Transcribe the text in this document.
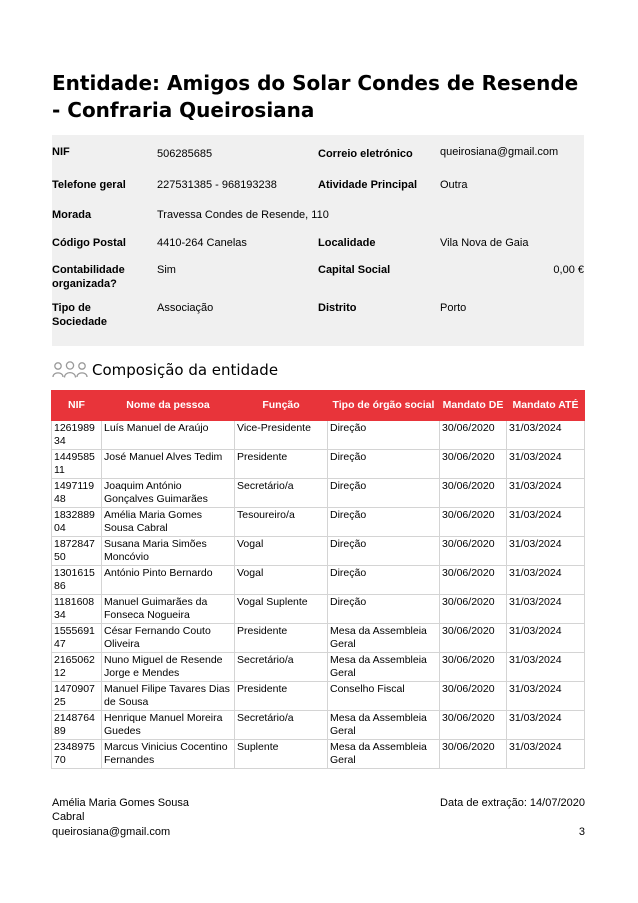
Entidade: Amigos do Solar Condes de Resende - Confraria Queirosiana
NIF	506285685	Correio eletrónico queirosiana@gmail.com
Telefone geral	227531385 - 968193238	Atividade Principal Outra
Morada	Travessa Condes de Resende, 110
Código Postal	4410-264 Canelas	Localidade	Vila Nova de Gaia
Contabilidade organizada?
Sim	Capital Social	0,00 €
Tipo de Sociedade
Associação	Distrito	Porto
Composição da entidade
NIF	Nome da pessoa	Função	Tipo de órgão social	Mandato DE	Mandato ATÉ
126198934	Luís Manuel de Araújo	Vice-Presidente	Direção	30/06/2020	31/03/2024
144958511	José Manuel Alves Tedim	Presidente	Direção	30/06/2020	31/03/2024
149711948	Joaquim António Gonçalves Guimarães	Secretário/a	Direção	30/06/2020	31/03/2024
183288904	Amélia Maria Gomes Sousa Cabral	Tesoureiro/a	Direção	30/06/2020	31/03/2024
187284750	Susana Maria Simões Moncóvio	Vogal	Direção	30/06/2020	31/03/2024
130161586	António Pinto Bernardo	Vogal	Direção	30/06/2020	31/03/2024
118160834	Manuel Guimarães da Fonseca Nogueira	Vogal Suplente	Direção	30/06/2020	31/03/2024
155569147	César Fernando Couto Oliveira	Presidente	Mesa da Assembleia Geral	30/06/2020	31/03/2024
216506212	Nuno Miguel de Resende Jorge e Mendes	Secretário/a	Mesa da Assembleia Geral	30/06/2020	31/03/2024
147090725	Manuel Filipe Tavares Dias de Sousa	Presidente	Conselho Fiscal	30/06/2020	31/03/2024
214876489	Henrique Manuel Moreira Guedes	Secretário/a	Mesa da Assembleia Geral	30/06/2020	31/03/2024
234897570	Marcus Vinicius Cocentino Fernandes	Suplente	Mesa da Assembleia Geral	30/06/2020	31/03/2024
Amélia Maria Gomes Sousa Cabral
Data de extração: 14/07/2020
queirosiana@gmail.com	3
